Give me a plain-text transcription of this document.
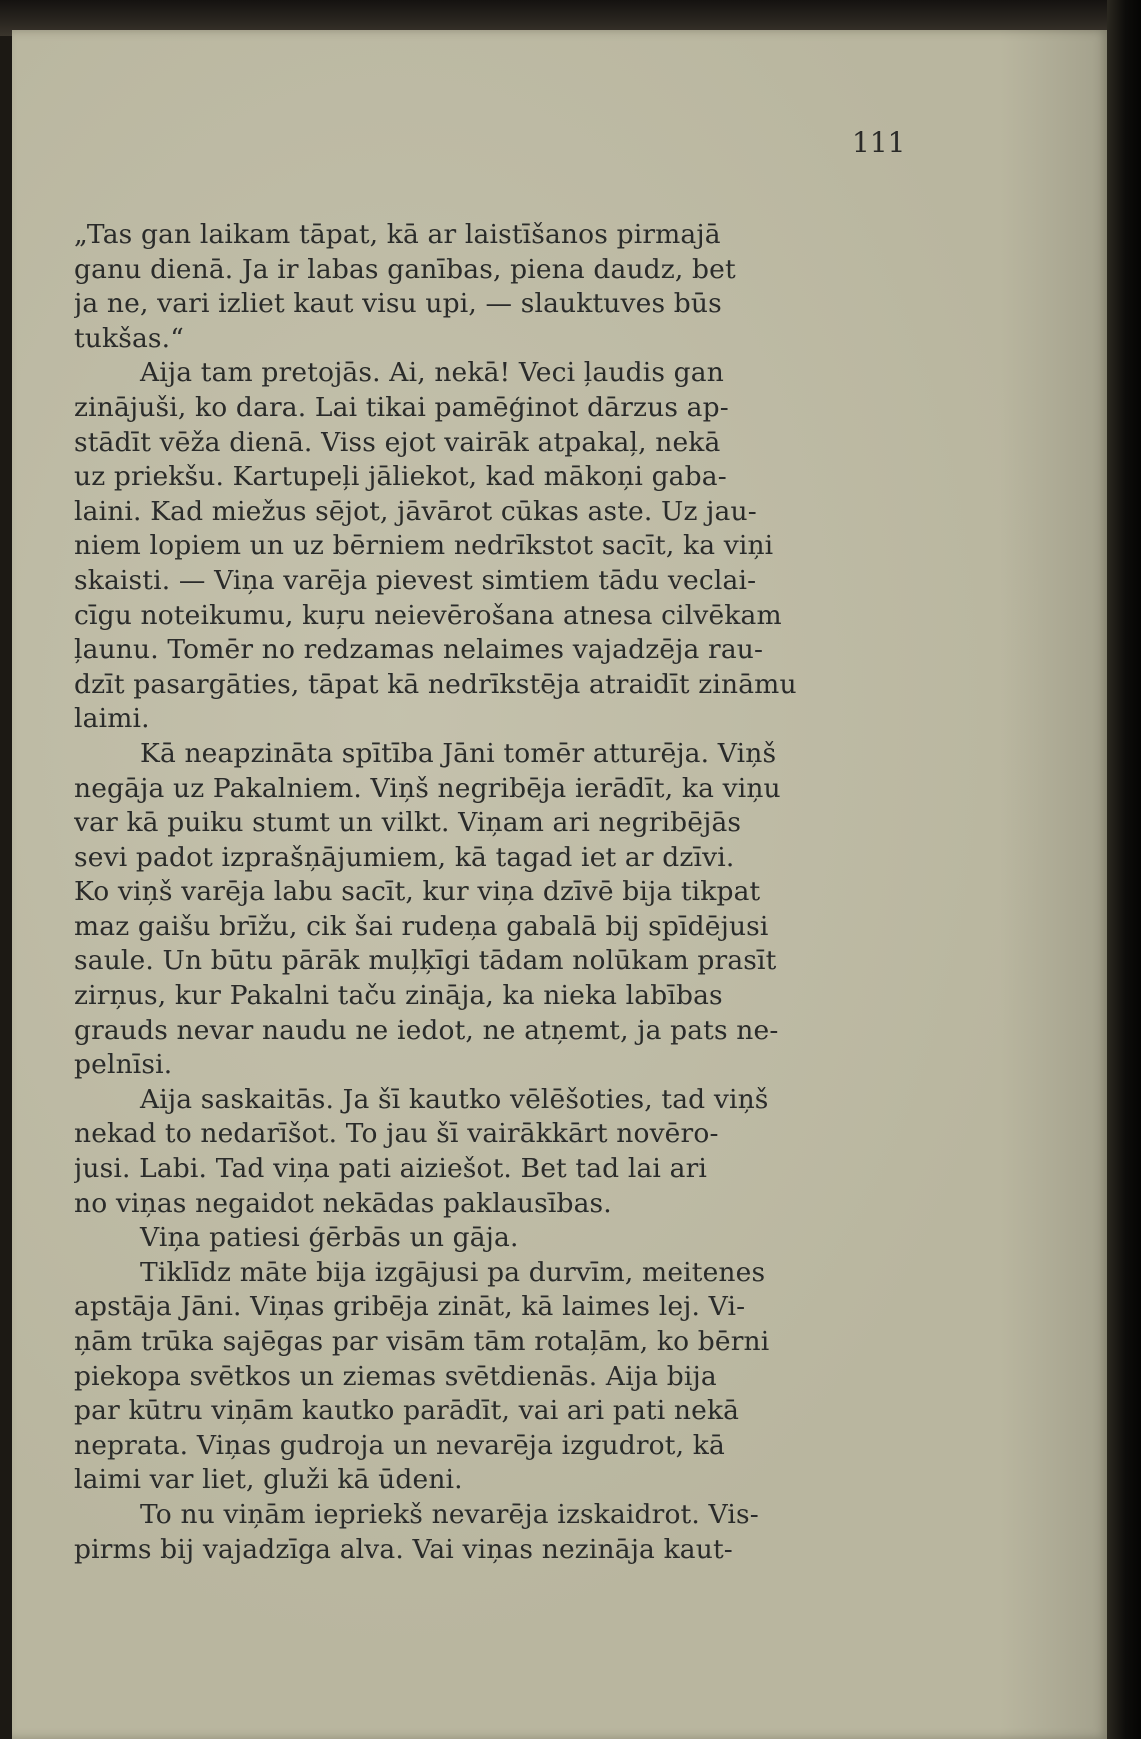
111

„Tas gan laikam tāpat, kā ar laistīšanos pirmajā
ganu dienā. Ja ir labas ganības, piena daudz, bet
ja ne, vari izliet kaut visu upi, — slauktuves būs
tukšas.“

Aija tam pretojās. Ai, nekā! Veci ļaudis gan
zinājuši, ko dara. Lai tikai pamēģinot dārzus ap-
stādīt vēža dienā. Viss ejot vairāk atpakaļ, nekā
uz priekšu. Kartupeļi jāliekot, kad mākoņi gaba-
laini. Kad miežus sējot, jāvārot cūkas aste. Uz jau-
niem lopiem un uz bērniem nedrīkstot sacīt, ka viņi
skaisti. — Viņa varēja pievest simtiem tādu veclai-
cīgu noteikumu, kuŗu neievērošana atnesa cilvēkam
ļaunu. Tomēr no redzamas nelaimes vajadzēja rau-
dzīt pasargāties, tāpat kā nedrīkstēja atraidīt zināmu
laimi.

Kā neapzināta spītība Jāni tomēr atturēja. Viņš
negāja uz Pakalniem. Viņš negribēja ierādīt, ka viņu
var kā puiku stumt un vilkt. Viņam ari negribējās
sevi padot izprašņājumiem, kā tagad iet ar dzīvi.
Ko viņš varēja labu sacīt, kur viņa dzīvē bija tikpat
maz gaišu brīžu, cik šai rudeņa gabalā bij spīdējusi
saule. Un būtu pārāk muļķīgi tādam nolūkam prasīt
zirņus, kur Pakalni taču zināja, ka nieka labības
grauds nevar naudu ne iedot, ne atņemt, ja pats ne-
pelnīsi.

Aija saskaitās. Ja šī kautko vēlēšoties, tad viņš
nekad to nedarīšot. To jau šī vairākkārt novēro-
jusi. Labi. Tad viņa pati aiziešot. Bet tad lai ari
no viņas negaidot nekādas paklausības.

Viņa patiesi ģērbās un gāja.

Tiklīdz māte bija izgājusi pa durvīm, meitenes
apstāja Jāni. Viņas gribēja zināt, kā laimes lej. Vi-
ņām trūka sajēgas par visām tām rotaļām, ko bērni
piekopa svētkos un ziemas svētdienās. Aija bija
par kūtru viņām kautko parādīt, vai ari pati nekā
neprata. Viņas gudroja un nevarēja izgudrot, kā
laimi var liet, gluži kā ūdeni.

To nu viņām iepriekš nevarēja izskaidrot. Vis-
pirms bij vajadzīga alva. Vai viņas nezināja kaut-
